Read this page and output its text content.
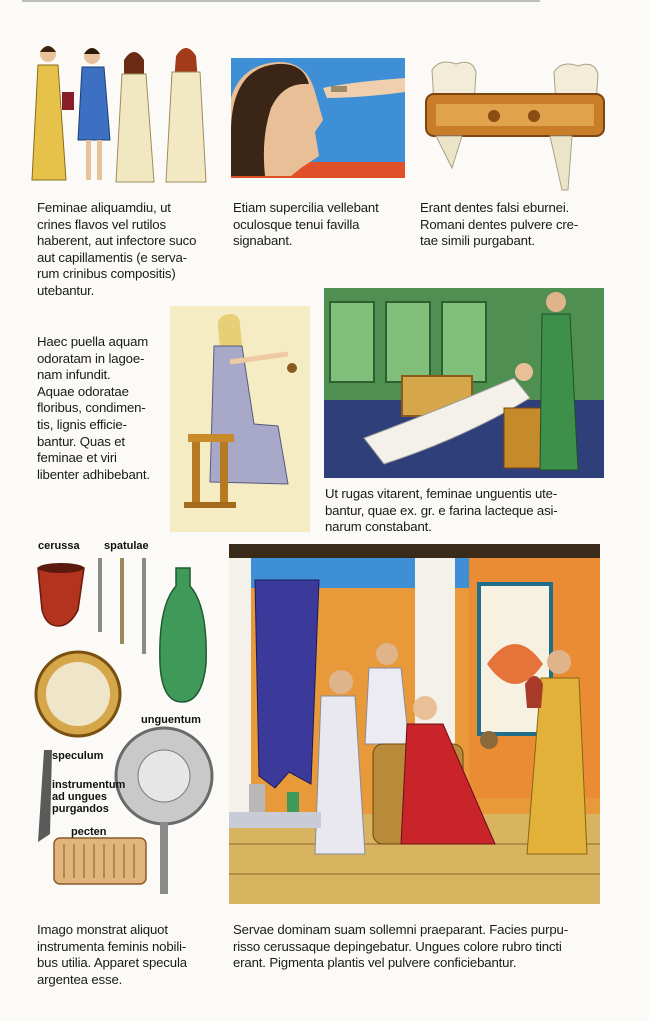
Feminae aliquamdiu, ut
crines flavos vel rutilos
haberent, aut infectore suco
aut capillamentis (e serva-
rum crinibus compositis)
utebantur.
Etiam supercilia vellebant
oculosque tenui favilla
signabant.
Erant dentes falsi eburnei.
Romani dentes pulvere cre-
tae simili purgabant.
Haec puella aquam
odoratam in lagoe-
nam infundit.
Aquae odoratae
floribus, condimen-
tis, lignis efficie-
bantur. Quas et
feminae et viri
libenter adhibebant.
Ut rugas vitarent, feminae unguentis ute-
bantur, quae ex. gr. e farina lacteque asi-
narum constabant.
cerussa spatulae
unguentum
speculum
instrumentum
ad ungues
purgandos
pecten
Imago monstrat aliquot
instrumenta feminis nobili-
bus utilia. Apparet specula
argentea esse.
Servae dominam suam sollemni praeparant. Facies purpu-
risso cerussaque depingebatur. Ungues colore rubro tincti
erant. Pigmenta plantis vel pulvere conficiebantur.
